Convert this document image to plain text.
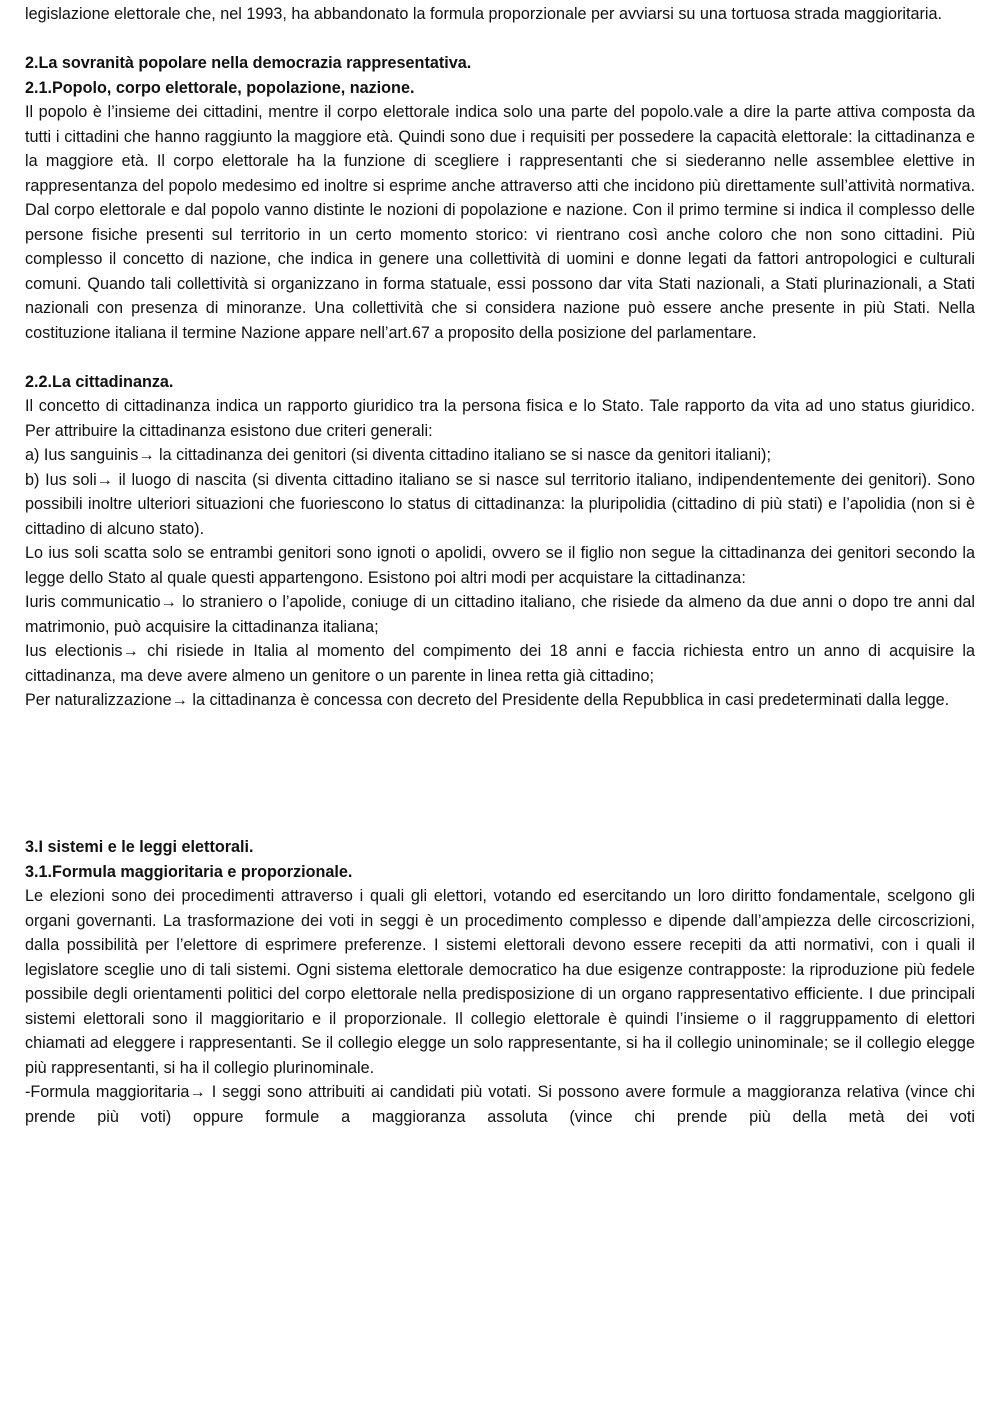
legislazione elettorale che, nel 1993, ha abbandonato la formula proporzionale per avviarsi su una tortuosa strada maggioritaria.

2.La sovranità popolare nella democrazia rappresentativa.
2.1.Popolo, corpo elettorale, popolazione, nazione.

Il popolo è l’insieme dei cittadini, mentre il corpo elettorale indica solo una parte del popolo.vale a dire la parte attiva composta da tutti i cittadini che hanno raggiunto la maggiore età. Quindi sono due i requisiti per possedere la capacità elettorale: la cittadinanza e la maggiore età. Il corpo elettorale ha la funzione di scegliere i rappresentanti che si siederanno nelle assemblee elettive in rappresentanza del popolo medesimo ed inoltre si esprime anche attraverso atti che incidono più direttamente sull’attività normativa. Dal corpo elettorale e dal popolo vanno distinte le nozioni di popolazione e nazione. Con il primo termine si indica il complesso delle persone fisiche presenti sul territorio in un certo momento storico: vi rientrano così anche coloro che non sono cittadini. Più complesso il concetto di nazione, che indica in genere una collettività di uomini e donne legati da fattori antropologici e culturali comuni. Quando tali collettività si organizzano in forma statuale, essi possono dar vita Stati nazionali, a Stati plurinazionali, a Stati nazionali con presenza di minoranze. Una collettività che si considera nazione può essere anche presente in più Stati. Nella costituzione italiana il termine Nazione appare nell’art.67 a proposito della posizione del parlamentare.

2.2.La cittadinanza.

Il concetto di cittadinanza indica un rapporto giuridico tra la persona fisica e lo Stato. Tale rapporto da vita ad uno status giuridico. Per attribuire la cittadinanza esistono due criteri generali:

a) Ius sanguinis→ la cittadinanza dei genitori (si diventa cittadino italiano se si nasce da genitori italiani);

b) Ius soli→ il luogo di nascita (si diventa cittadino italiano se si nasce sul territorio italiano, indipendentemente dei genitori). Sono possibili inoltre ulteriori situazioni che fuoriescono lo status di cittadinanza: la pluripolidia (cittadino di più stati) e l’apolidia (non si è cittadino di alcuno stato).

Lo ius soli scatta solo se entrambi genitori sono ignoti o apolidi, ovvero se il figlio non segue la cittadinanza dei genitori secondo la legge dello Stato al quale questi appartengono. Esistono poi altri modi per acquistare la cittadinanza:

Iuris communicatio→ lo straniero o l’apolide, coniuge di un cittadino italiano, che risiede da almeno da due anni o dopo tre anni dal matrimonio, può acquisire la cittadinanza italiana;

Ius electionis→ chi risiede in Italia al momento del compimento dei 18 anni e faccia richiesta entro un anno di acquisire la cittadinanza, ma deve avere almeno un genitore o un parente in linea retta già cittadino;

Per naturalizzazione→ la cittadinanza è concessa con decreto del Presidente della Repubblica in casi predeterminati dalla legge.

3.I sistemi e le leggi elettorali.
3.1.Formula maggioritaria e proporzionale.

Le elezioni sono dei procedimenti attraverso i quali gli elettori, votando ed esercitando un loro diritto fondamentale, scelgono gli organi governanti. La trasformazione dei voti in seggi è un procedimento complesso e dipende dall’ampiezza delle circoscrizioni, dalla possibilità per l’elettore di esprimere preferenze. I sistemi elettorali devono essere recepiti da atti normativi, con i quali il legislatore sceglie uno di tali sistemi. Ogni sistema elettorale democratico ha due esigenze contrapposte: la riproduzione più fedele possibile degli orientamenti politici del corpo elettorale nella predisposizione di un organo rappresentativo efficiente. I due principali sistemi elettorali sono il maggioritario e il proporzionale. Il collegio elettorale è quindi l’insieme o il raggruppamento di elettori chiamati ad eleggere i rappresentanti. Se il collegio elegge un solo rappresentante, si ha il collegio uninominale; se il collegio elegge più rappresentanti, si ha il collegio plurinominale.

-Formula maggioritaria→ I seggi sono attribuiti ai candidati più votati. Si possono avere formule a maggioranza relativa (vince chi prende più voti) oppure formule a maggioranza assoluta (vince chi prende più della metà dei voti
